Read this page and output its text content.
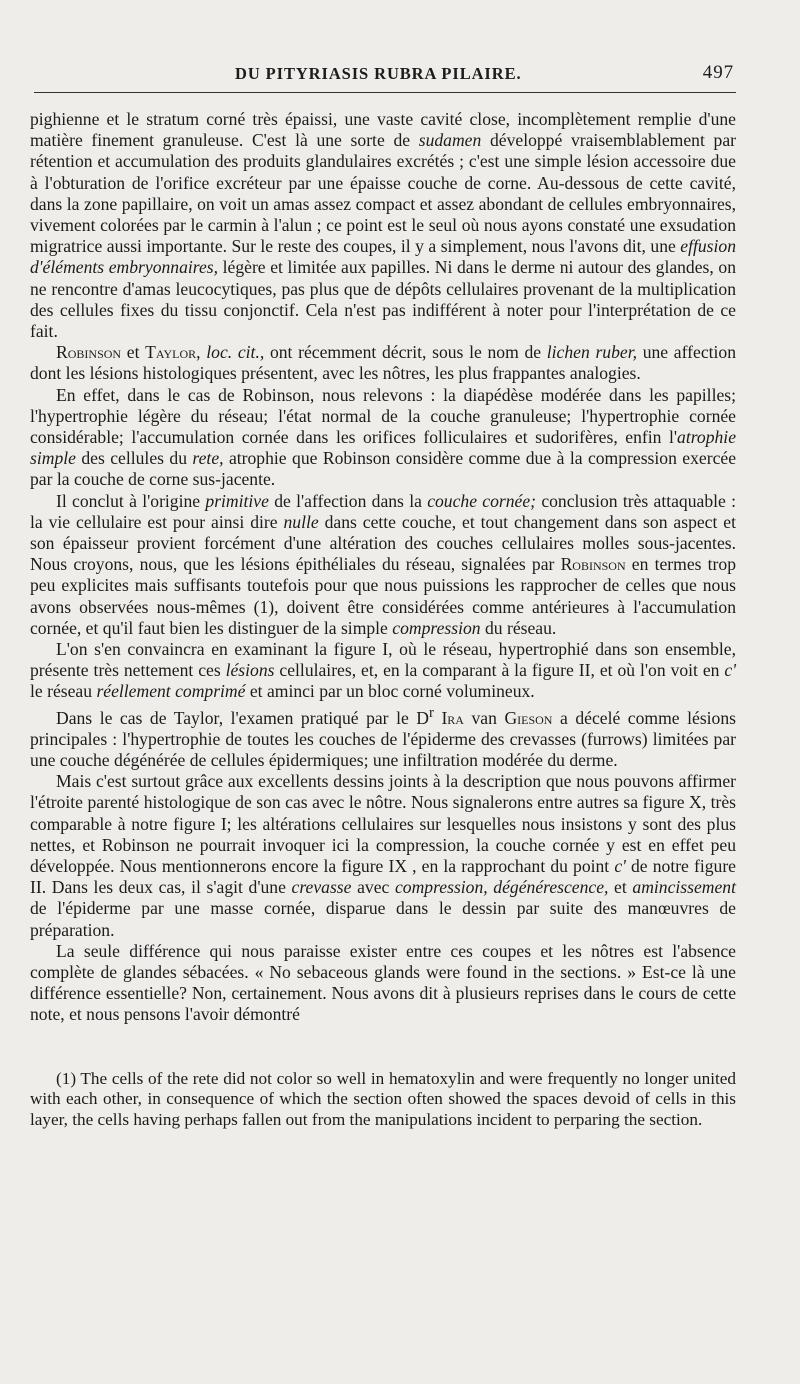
DU PITYRIASIS RUBRA PILAIRE.	497

pighienne et le stratum corné très épaissi, une vaste cavité close, incomplètement remplie d'une matière finement granuleuse. C'est là une sorte de sudamen développé vraisemblablement par rétention et accumulation des produits glandulaires excrétés ; c'est une simple lésion accessoire due à l'obturation de l'orifice excréteur par une épaisse couche de corne. Au-dessous de cette cavité, dans la zone papillaire, on voit un amas assez compact et assez abondant de cellules embryonnaires, vivement colorées par le carmin à l'alun ; ce point est le seul où nous ayons constaté une exsudation migratrice aussi importante. Sur le reste des coupes, il y a simplement, nous l'avons dit, une effusion d'éléments embryonnaires, légère et limitée aux papilles. Ni dans le derme ni autour des glandes, on ne rencontre d'amas leucocytiques, pas plus que de dépôts cellulaires provenant de la multiplication des cellules fixes du tissu conjonctif. Cela n'est pas indifférent à noter pour l'interprétation de ce fait.

Robinson et Taylor, loc. cit., ont récemment décrit, sous le nom de lichen ruber, une affection dont les lésions histologiques présentent, avec les nôtres, les plus frappantes analogies.

En effet, dans le cas de Robinson, nous relevons : la diapédèse modérée dans les papilles; l'hypertrophie légère du réseau; l'état normal de la couche granuleuse; l'hypertrophie cornée considérable; l'accumulation cornée dans les orifices folliculaires et sudorifères, enfin l'atrophie simple des cellules du rete, atrophie que Robinson considère comme due à la compression exercée par la couche de corne sus-jacente.

Il conclut à l'origine primitive de l'affection dans la couche cornée; conclusion très attaquable : la vie cellulaire est pour ainsi dire nulle dans cette couche, et tout changement dans son aspect et son épaisseur provient forcément d'une altération des couches cellulaires molles sous-jacentes. Nous croyons, nous, que les lésions épithéliales du réseau, signalées par Robinson en termes trop peu explicites mais suffisants toutefois pour que nous puissions les rapprocher de celles que nous avons observées nous-mêmes (1), doivent être considérées comme antérieures à l'accumulation cornée, et qu'il faut bien les distinguer de la simple compression du réseau.

L'on s'en convaincra en examinant la figure I, où le réseau, hypertrophié dans son ensemble, présente très nettement ces lésions cellulaires, et, en la comparant à la figure II, et où l'on voit en c' le réseau réellement comprimé et aminci par un bloc corné volumineux.

Dans le cas de Taylor, l'examen pratiqué par le $D^r$ Ira van Gieson a décelé comme lésions principales : l'hypertrophie de toutes les couches de l'épiderme des crevasses (furrows) limitées par une couche dégénérée de cellules épidermiques; une infiltration modérée du derme.

Mais c'est surtout grâce aux excellents dessins joints à la description que nous pouvons affirmer l'étroite parenté histologique de son cas avec le nôtre. Nous signalerons entre autres sa figure X, très comparable à notre figure I; les altérations cellulaires sur lesquelles nous insistons y sont des plus nettes, et Robinson ne pourrait invoquer ici la compression, la couche cornée y est en effet peu développée. Nous mentionnerons encore la figure IX , en la rapprochant du point c' de notre figure II. Dans les deux cas, il s'agit d'une crevasse avec compression, dégénérescence, et amincissement de l'épiderme par une masse cornée, disparue dans le dessin par suite des manœuvres de préparation.

La seule différence qui nous paraisse exister entre ces coupes et les nôtres est l'absence complète de glandes sébacées. « No sebaceous glands were found in the sections. » Est-ce là une différence essentielle? Non, certainement. Nous avons dit à plusieurs reprises dans le cours de cette note, et nous pensons l'avoir démontré

(1) The cells of the rete did not color so well in hematoxylin and were frequently no longer united with each other, in consequence of which the section often showed the spaces devoid of cells in this layer, the cells having perhaps fallen out from the manipulations incident to perparing the section.
